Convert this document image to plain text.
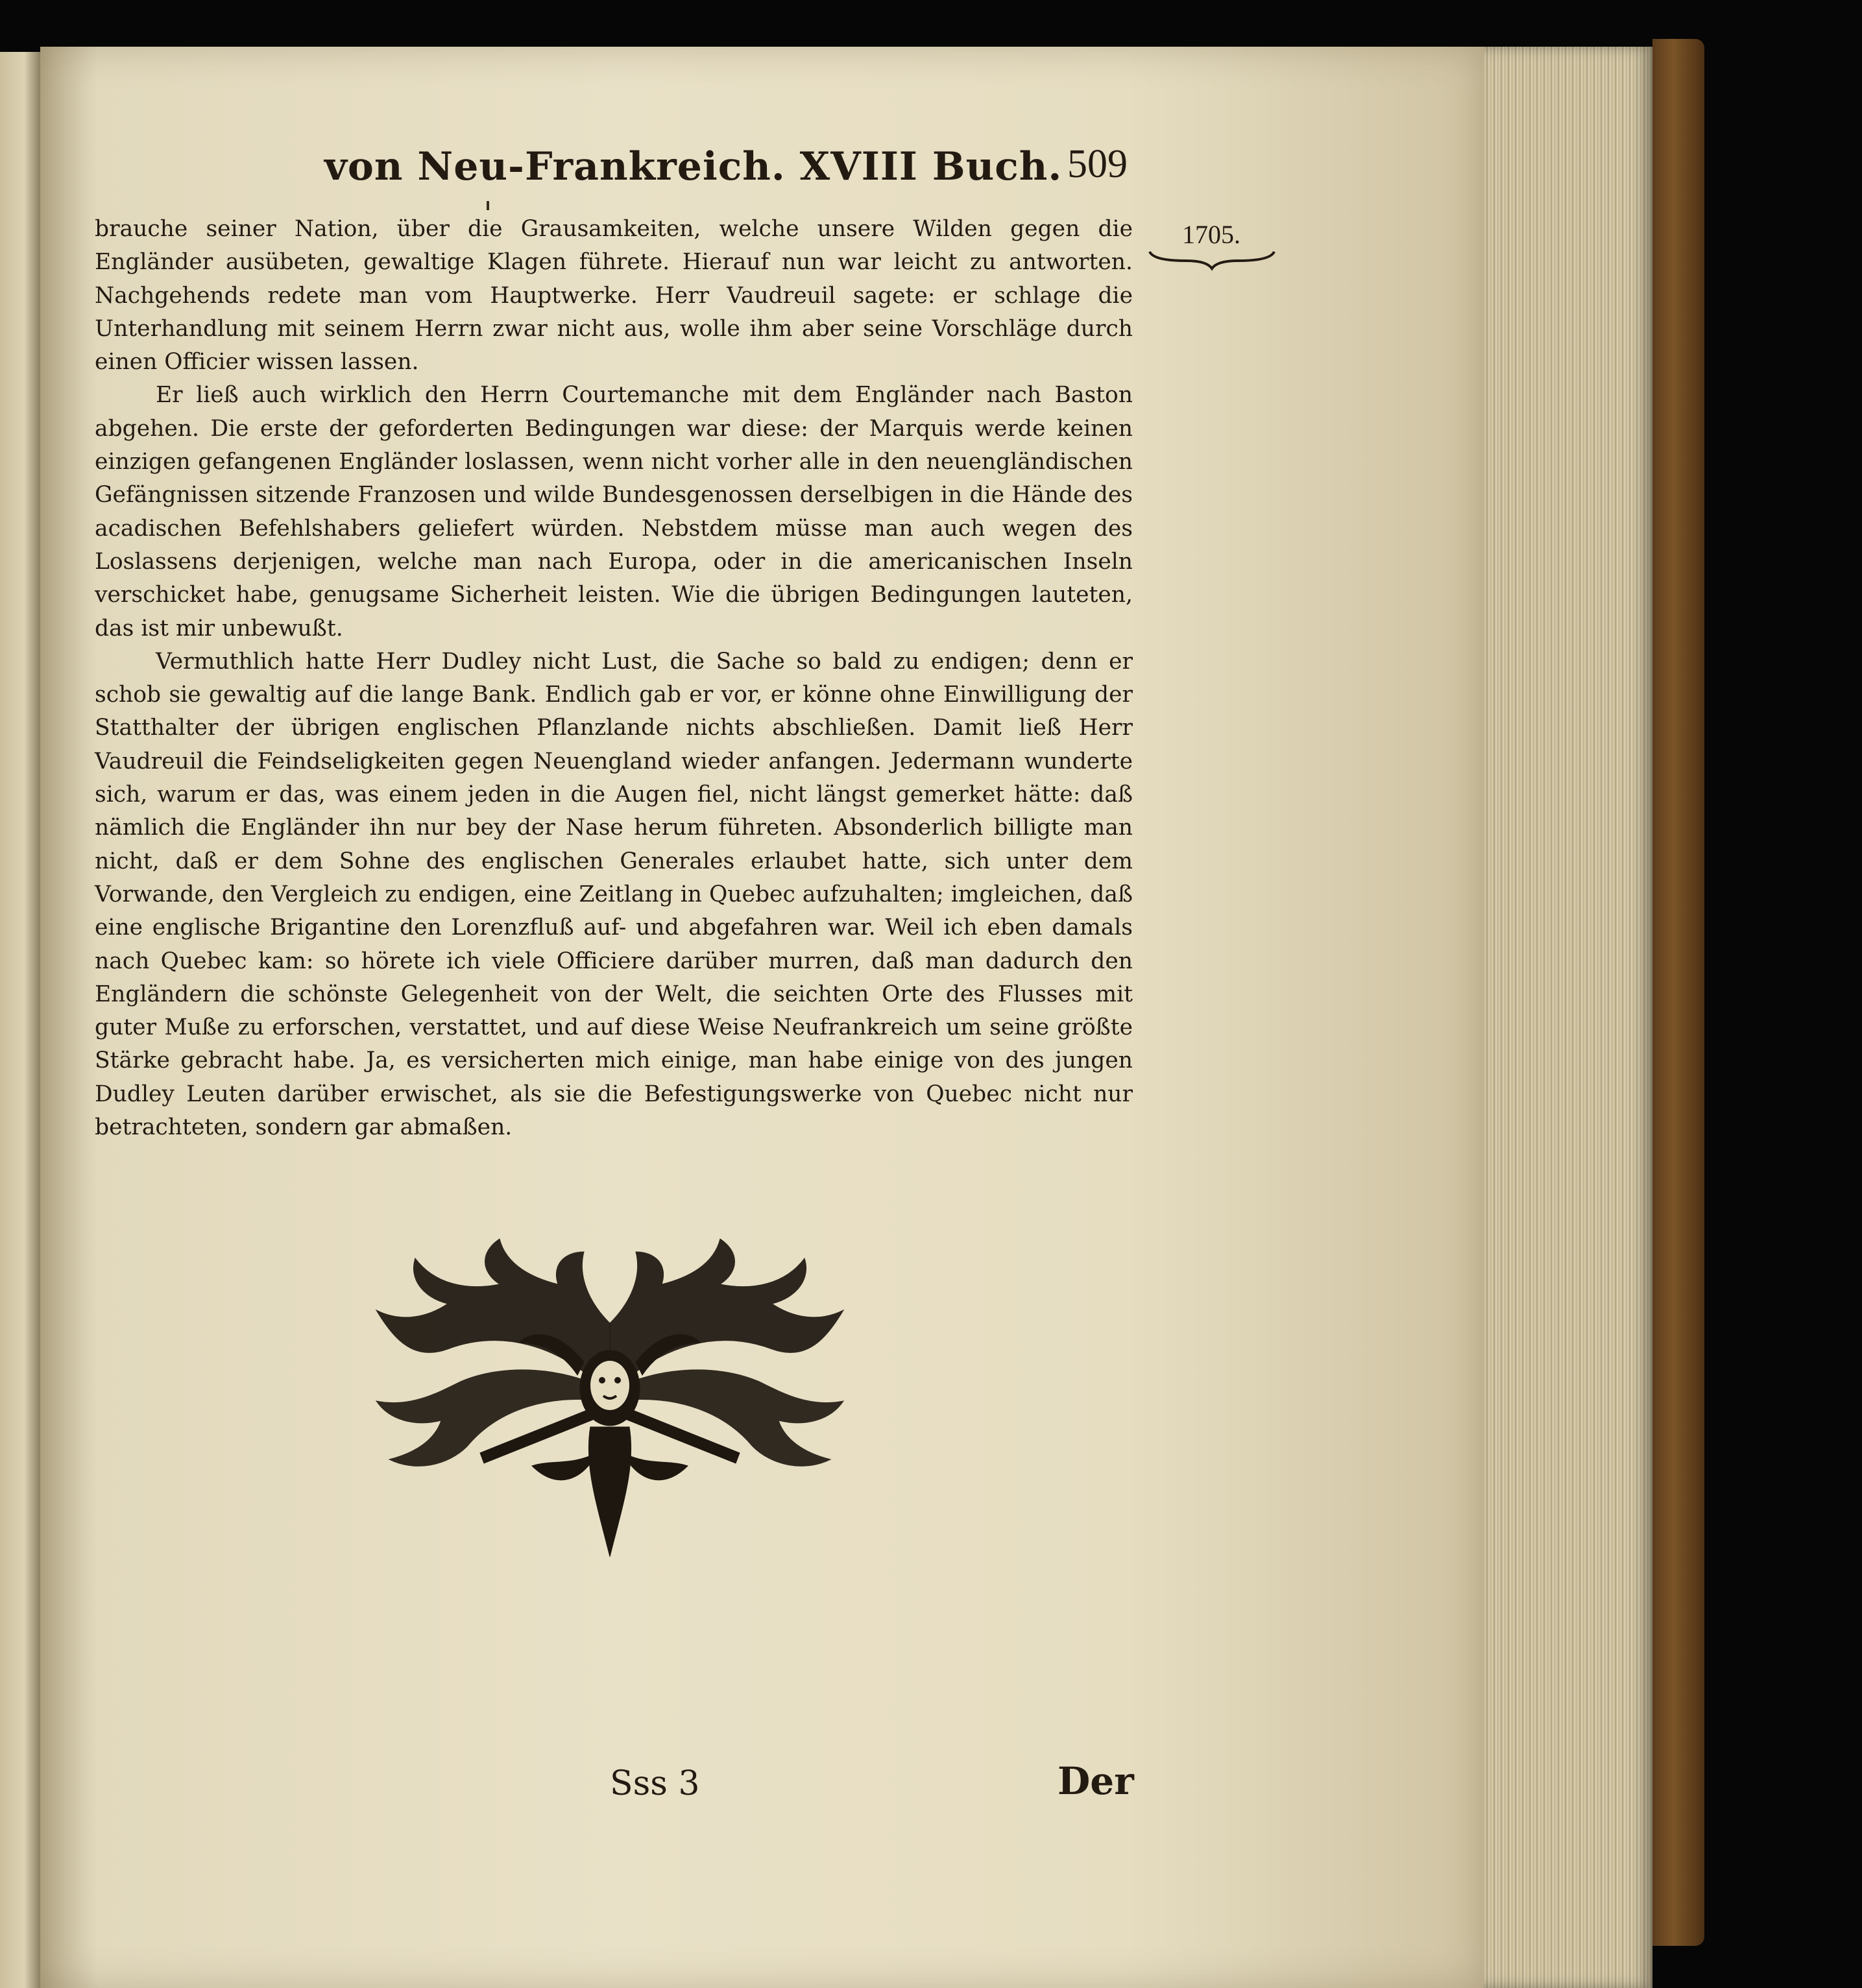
von Neu-Frankreich. XVIII Buch. 509
1705.

brauche seiner Nation, über die Grausamkeiten, welche unsere Wilden gegen die Engländer ausübeten, gewaltige Klagen führete. Hierauf nun war leicht zu antworten. Nachgehends redete man vom Hauptwerke. Herr Vaudreuil sagete: er schlage die Unterhandlung mit seinem Herrn zwar nicht aus, wolle ihm aber seine Vorschläge durch einen Officier wissen lassen.

Er ließ auch wirklich den Herrn Courtemanche mit dem Engländer nach Baston abgehen. Die erste der geforderten Bedingungen war diese: der Marquis werde keinen einzigen gefangenen Engländer loslassen, wenn nicht vorher alle in den neuengländischen Gefängnissen sitzende Franzosen und wilde Bundesgenossen derselbigen in die Hände des acadischen Befehlshabers geliefert würden. Nebstdem müsse man auch wegen des Loslassens derjenigen, welche man nach Europa, oder in die americanischen Inseln verschicket habe, genugsame Sicherheit leisten. Wie die übrigen Bedingungen lauteten, das ist mir unbewußt.

Vermuthlich hatte Herr Dudley nicht Lust, die Sache so bald zu endigen; denn er schob sie gewaltig auf die lange Bank. Endlich gab er vor, er könne ohne Einwilligung der Statthalter der übrigen englischen Pflanzlande nichts abschließen. Damit ließ Herr Vaudreuil die Feindseligkeiten gegen Neuengland wieder anfangen. Jedermann wunderte sich, warum er das, was einem jeden in die Augen fiel, nicht längst gemerket hätte: daß nämlich die Engländer ihn nur bey der Nase herum führeten. Absonderlich billigte man nicht, daß er dem Sohne des englischen Generales erlaubet hatte, sich unter dem Vorwande, den Vergleich zu endigen, eine Zeitlang in Quebec aufzuhalten; imgleichen, daß eine englische Brigantine den Lorenzfluß auf- und abgefahren war. Weil ich eben damals nach Quebec kam: so hörete ich viele Officiere darüber murren, daß man dadurch den Engländern die schönste Gelegenheit von der Welt, die seichten Orte des Flusses mit guter Muße zu erforschen, verstattet, und auf diese Weise Neufrankreich um seine größte Stärke gebracht habe. Ja, es versicherten mich einige, man habe einige von des jungen Dudley Leuten darüber erwischet, als sie die Befestigungswerke von Quebec nicht nur betrachteten, sondern gar abmaßen.

Sss 3	Der
